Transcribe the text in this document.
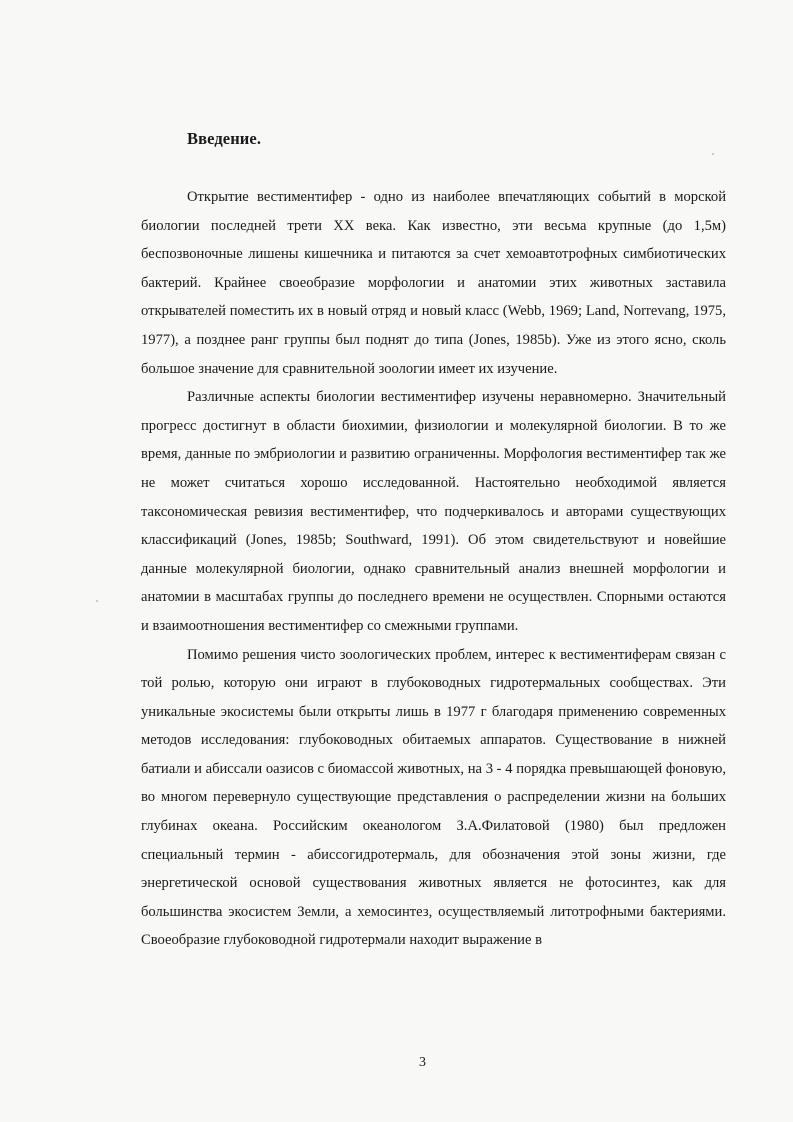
Введение.

Открытие вестиментифер - одно из наиболее впечатляющих событий в морской биологии последней трети XX века. Как известно, эти весьма крупные (до 1,5м) беспозвоночные лишены кишечника и питаются за счет хемоавтотрофных симбиотических бактерий. Крайнее своеобразие морфологии и анатомии этих животных заставила открывателей поместить их в новый отряд и новый класс (Webb, 1969; Land, Norrevang, 1975, 1977), а позднее ранг группы был поднят до типа (Jones, 1985b). Уже из этого ясно, сколь большое значение для сравнительной зоологии имеет их изучение.

Различные аспекты биологии вестиментифер изучены неравномерно. Значительный прогресс достигнут в области биохимии, физиологии и молекулярной биологии. В то же время, данные по эмбриологии и развитию ограниченны. Морфология вестиментифер так же не может считаться хорошо исследованной. Настоятельно необходимой является таксономическая ревизия вестиментифер, что подчеркивалось и авторами существующих классификаций (Jones, 1985b; Southward, 1991). Об этом свидетельствуют и новейшие данные молекулярной биологии, однако сравнительный анализ внешней морфологии и анатомии в масштабах группы до последнего времени не осуществлен. Спорными остаются и взаимоотношения вестиментифер со смежными группами.

Помимо решения чисто зоологических проблем, интерес к вестиментиферам связан с той ролью, которую они играют в глубоководных гидротермальных сообществах. Эти уникальные экосистемы были открыты лишь в 1977 г благодаря применению современных методов исследования: глубоководных обитаемых аппаратов. Существование в нижней батиали и абиссали оазисов с биомассой животных, на 3 - 4 порядка превышающей фоновую, во многом перевернуло существующие представления о распределении жизни на больших глубинах океана. Российским океанологом З.А.Филатовой (1980) был предложен специальный термин - абиссогидротермаль, для обозначения этой зоны жизни, где энергетической основой существования животных является не фотосинтез, как для большинства экосистем Земли, а хемосинтез, осуществляемый литотрофными бактериями. Своеобразие глубоководной гидротермали находит выражение в

3
